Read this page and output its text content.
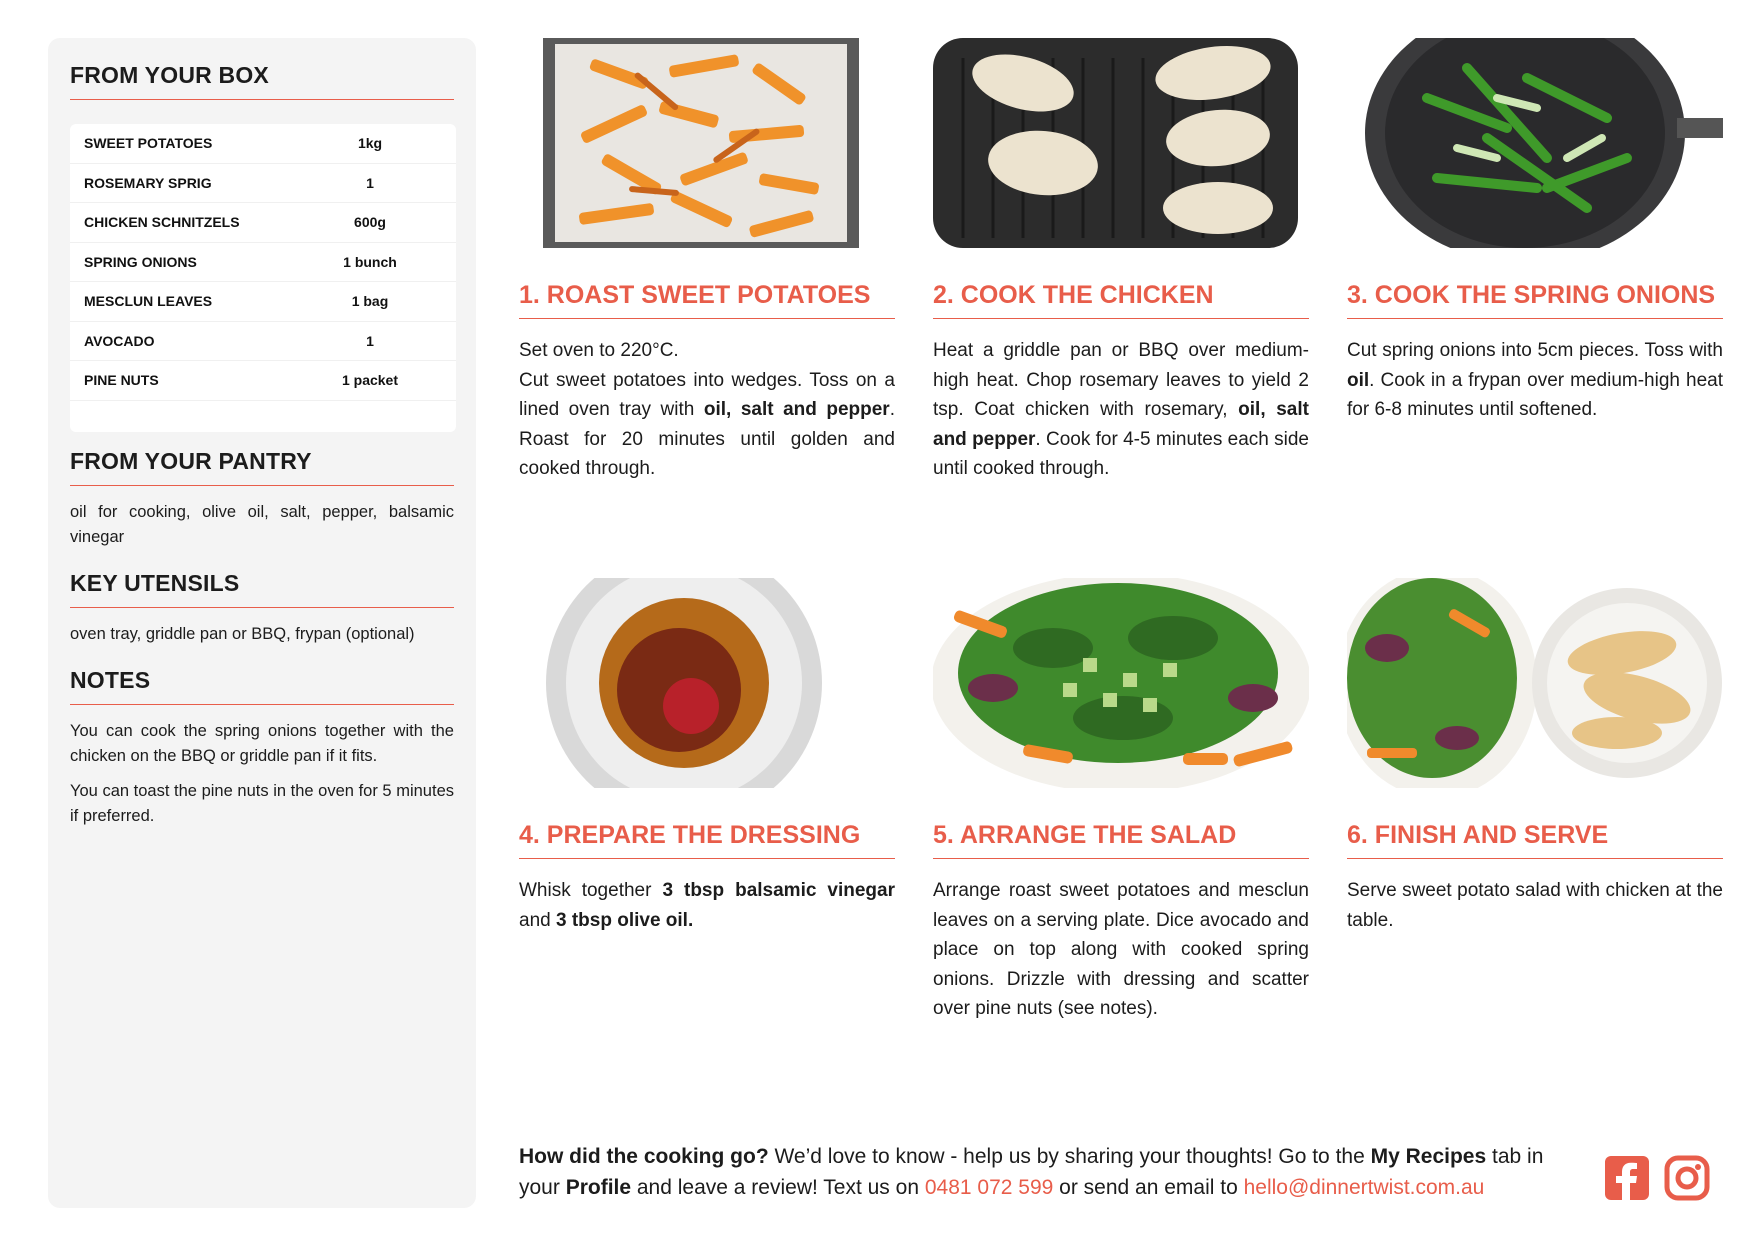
FROM YOUR BOX
SWEET POTATOES	1kg
ROSEMARY SPRIG	1
CHICKEN SCHNITZELS	600g
SPRING ONIONS	1 bunch
MESCLUN LEAVES	1 bag
AVOCADO	1
PINE NUTS	1 packet
FROM YOUR PANTRY
oil for cooking, olive oil, salt, pepper, balsamic vinegar
KEY UTENSILS
oven tray, griddle pan or BBQ, frypan (optional)
NOTES

You can cook the spring onions together with the chicken on the BBQ or griddle pan if it fits.

You can toast the pine nuts in the oven for 5 minutes if preferred.

1. ROAST SWEET POTATOES
Set oven to 220°C.
Cut sweet potatoes into wedges. Toss on a lined oven tray with oil, salt and pepper. Roast for 20 minutes until golden and cooked through.
2. COOK THE CHICKEN
Heat a griddle pan or BBQ over medium-high heat. Chop rosemary leaves to yield 2 tsp. Coat chicken with rosemary, oil, salt and pepper. Cook for 4-5 minutes each side until cooked through.
3. COOK THE SPRING ONIONS
Cut spring onions into 5cm pieces. Toss with oil. Cook in a frypan over medium-high heat for 6-8 minutes until softened.
4. PREPARE THE DRESSING
Whisk together 3 tbsp balsamic vinegar and 3 tbsp olive oil.
5. ARRANGE THE SALAD
Arrange roast sweet potatoes and mesclun leaves on a serving plate. Dice avocado and place on top along with cooked spring onions. Drizzle with dressing and scatter over pine nuts (see notes).
6. FINISH AND SERVE
Serve sweet potato salad with chicken at the table.
How did the cooking go? We’d love to know - help us by sharing your thoughts! Go to the My Recipes tab in your Profile and leave a review! Text us on 0481 072 599 or send an email to hello@dinnertwist.com.au
